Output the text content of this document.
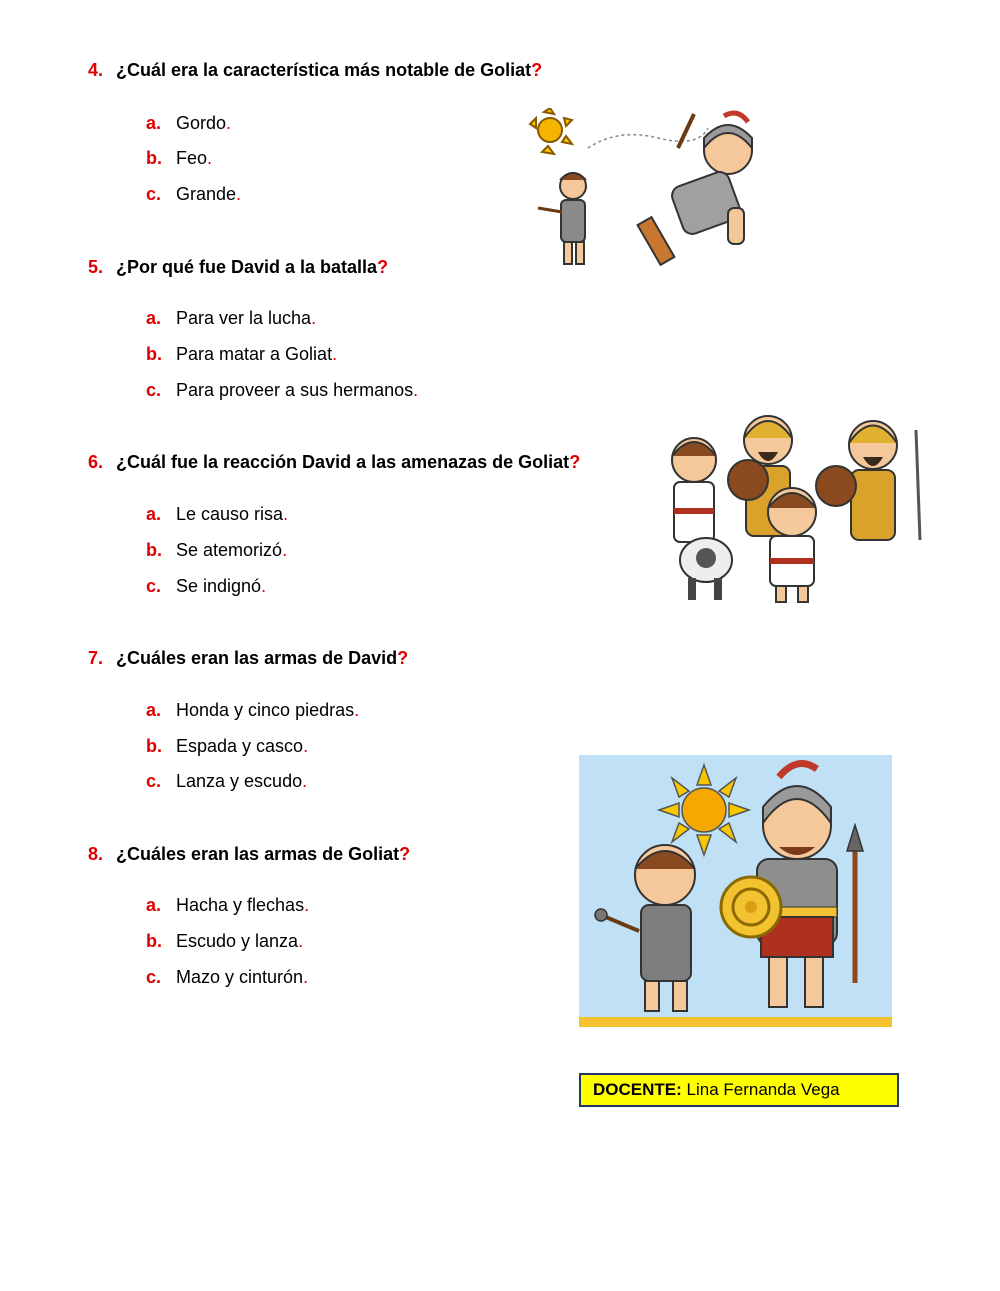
4. ¿Cuál era la característica más notable de Goliat?
a. Gordo.
b. Feo.
c. Grande.
5. ¿Por qué fue David a la batalla?
a. Para ver la lucha.
b. Para matar a Goliat.
c. Para proveer a sus hermanos.
6. ¿Cuál fue la reacción David a las amenazas de Goliat?
a. Le causo risa.
b. Se atemorizó.
c. Se indignó.
7. ¿Cuáles eran las armas de David?
a. Honda y cinco piedras.
b. Espada y casco.
c. Lanza y escudo.
8. ¿Cuáles eran las armas de Goliat?
a. Hacha y flechas.
b. Escudo y lanza.
c. Mazo y cinturón.
DOCENTE: Lina Fernanda Vega
